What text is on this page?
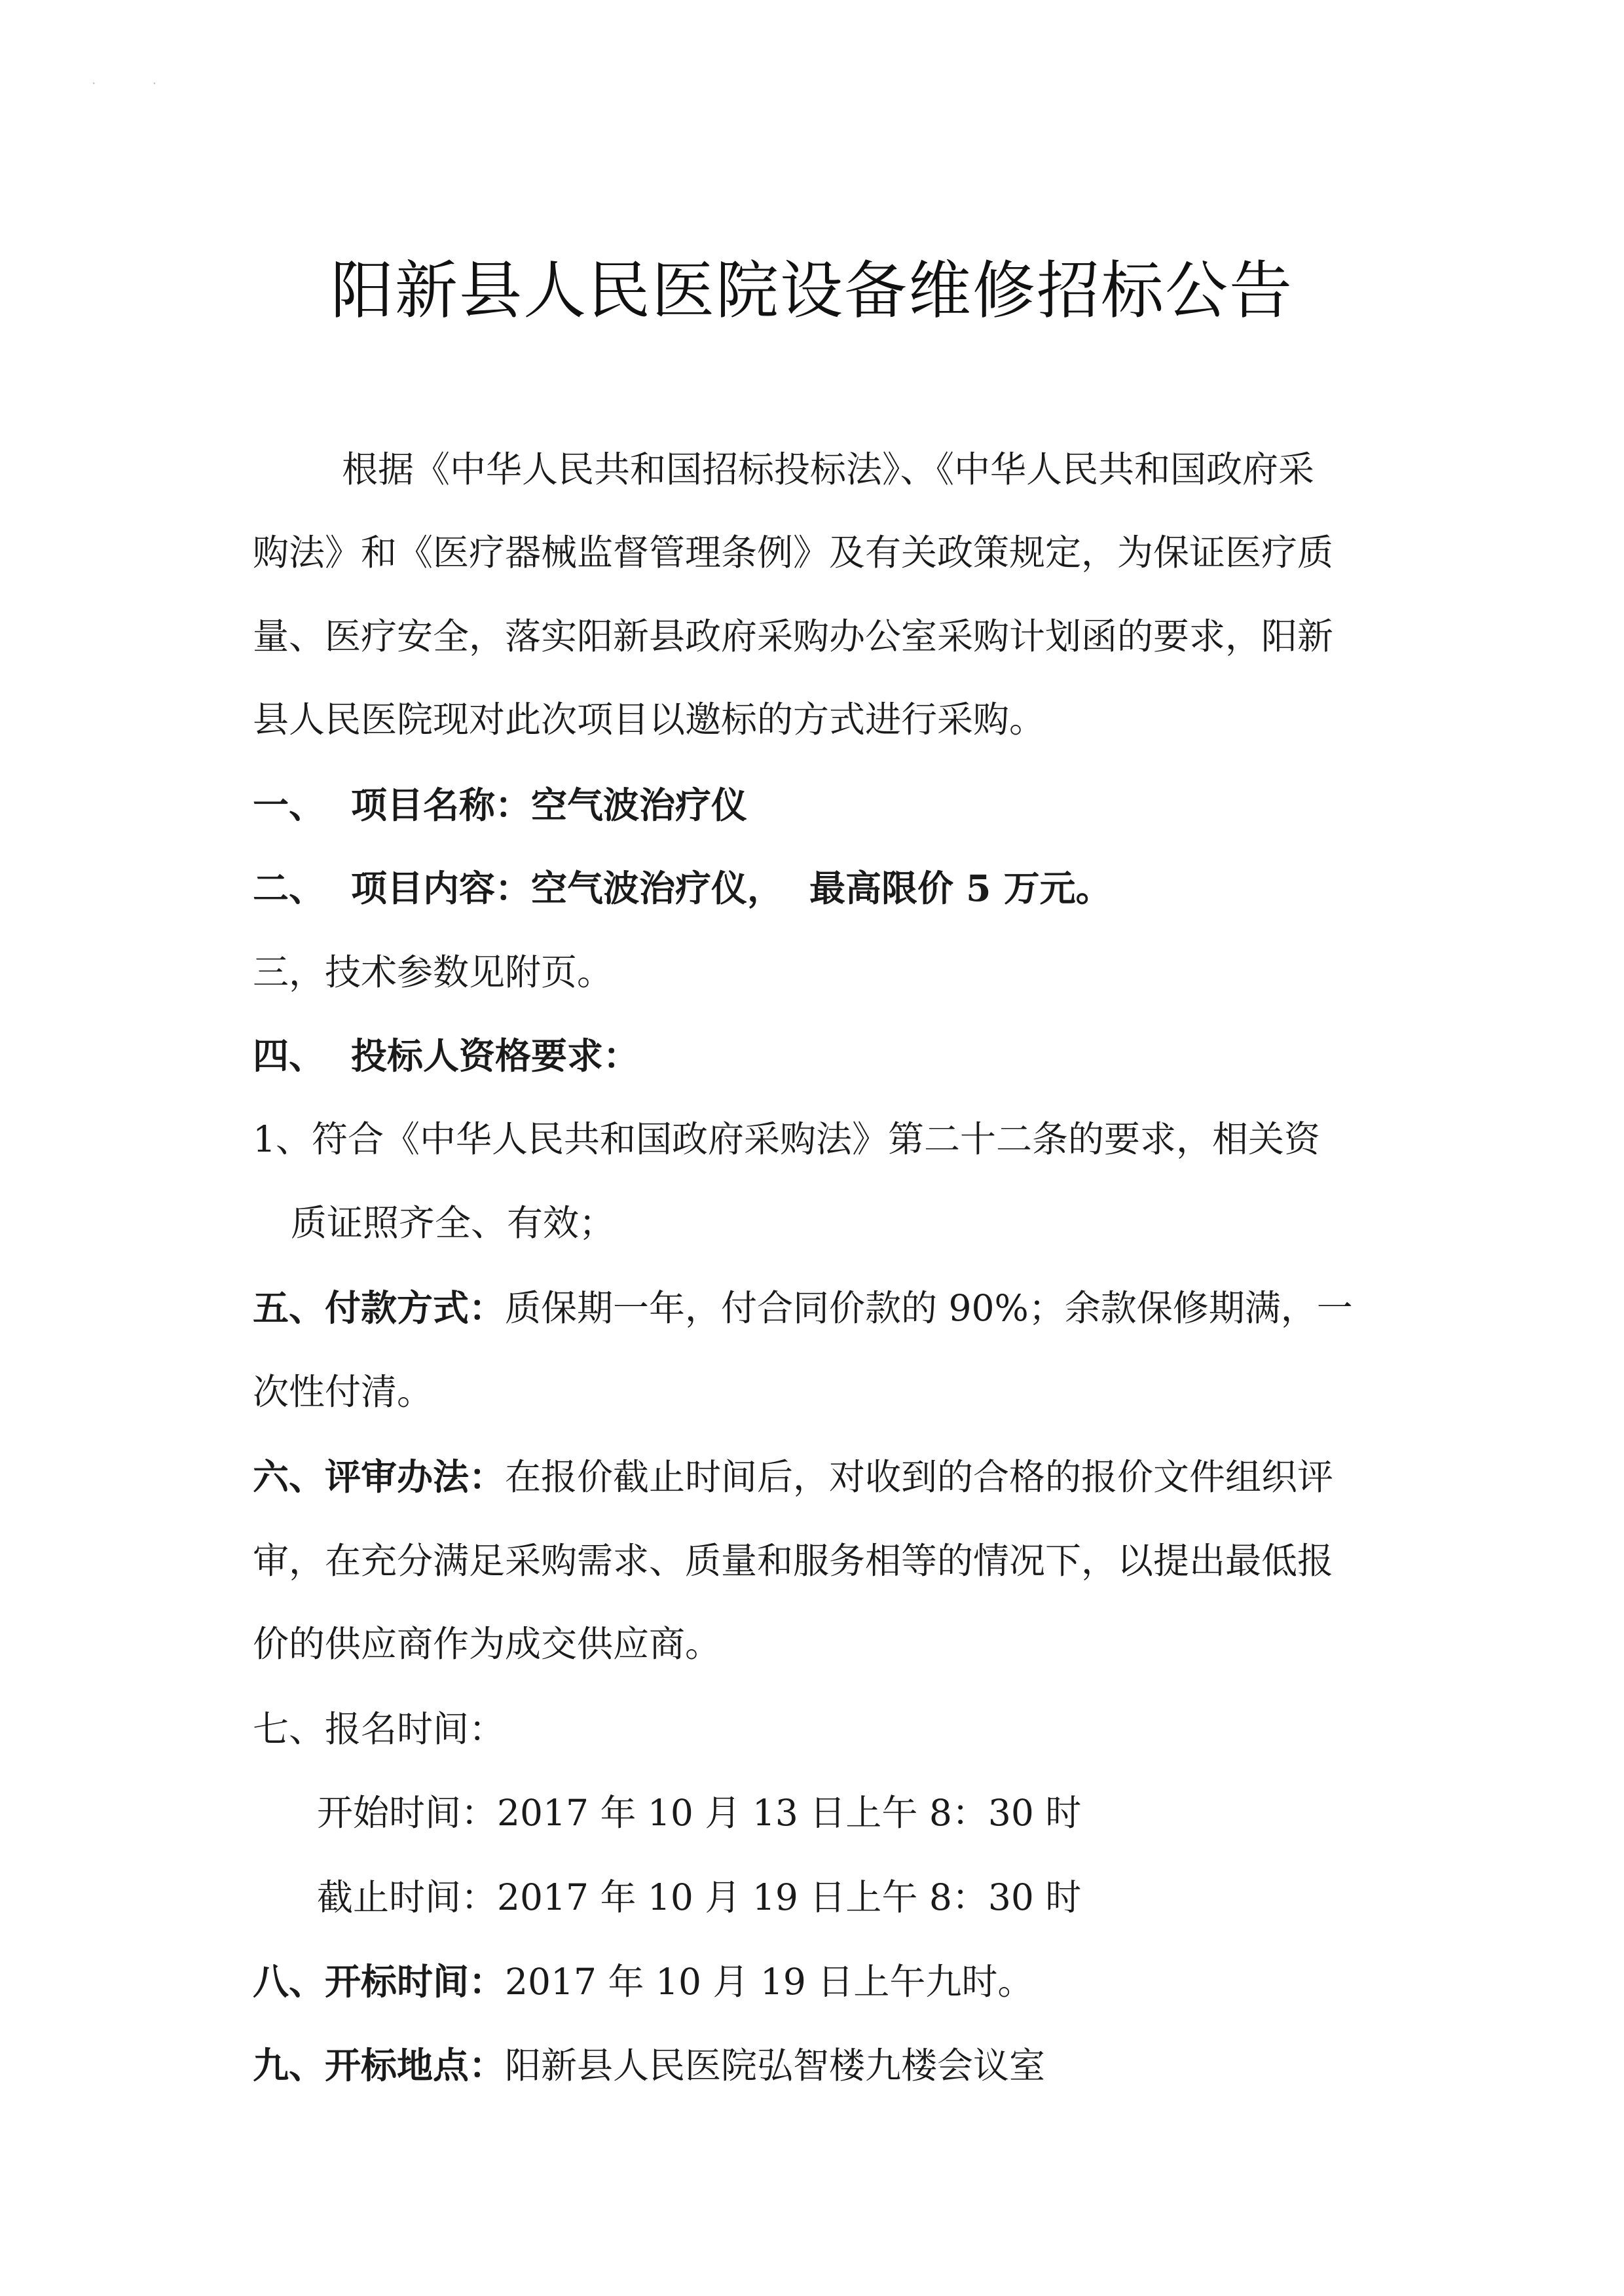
· ·
阳新县人民医院设备维修招标公告
根据《中华人民共和国招标投标法》、《中华人民共和国政府采
购法》和《医疗器械监督管理条例》及有关政策规定，为保证医疗质
量、医疗安全，落实阳新县政府采购办公室采购计划函的要求，阳新
县人民医院现对此次项目以邀标的方式进行采购。
一、 项目名称：空气波治疗仪
二、 项目内容：空气波治疗仪， 最高限价 5 万元。
三，技术参数见附页。
四、 投标人资格要求：
1、符合《中华人民共和国政府采购法》第二十二条的要求，相关资
质证照齐全、有效；
五、付款方式：质保期一年，付合同价款的 90%；余款保修期满，一
次性付清。
六、评审办法：在报价截止时间后，对收到的合格的报价文件组织评
审，在充分满足采购需求、质量和服务相等的情况下，以提出最低报
价的供应商作为成交供应商。
七、报名时间：
开始时间：2017 年 10 月 13 日上午 8：30 时
截止时间：2017 年 10 月 19 日上午 8：30 时
八、开标时间：2017 年 10 月 19 日上午九时。
九、开标地点：阳新县人民医院弘智楼九楼会议室
